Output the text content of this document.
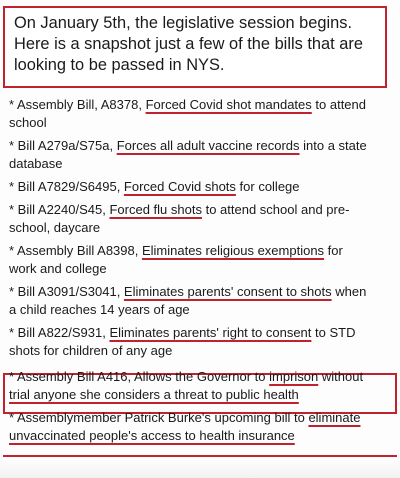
On January 5th, the legislative session begins.
Here is a snapshot just a few of the bills that are
looking to be passed in NYS.
* Assembly Bill, A8378, Forced Covid shot mandates to attend
school
* Bill A279a/S75a, Forces all adult vaccine records into a state
database
* Bill A7829/S6495, Forced Covid shots for college
* Bill A2240/S45, Forced flu shots to attend school and pre-
school, daycare
* Assembly Bill A8398, Eliminates religious exemptions for
work and college
* Bill A3091/S3041, Eliminates parents' consent to shots when
a child reaches 14 years of age
* Bill A822/S931, Eliminates parents' right to consent to STD
shots for children of any age
* Assembly Bill A416, Allows the Governor to imprison without
trial anyone she considers a threat to public health
* Assemblymember Patrick Burke's upcoming bill to eliminate
unvaccinated people's access to health insurance
